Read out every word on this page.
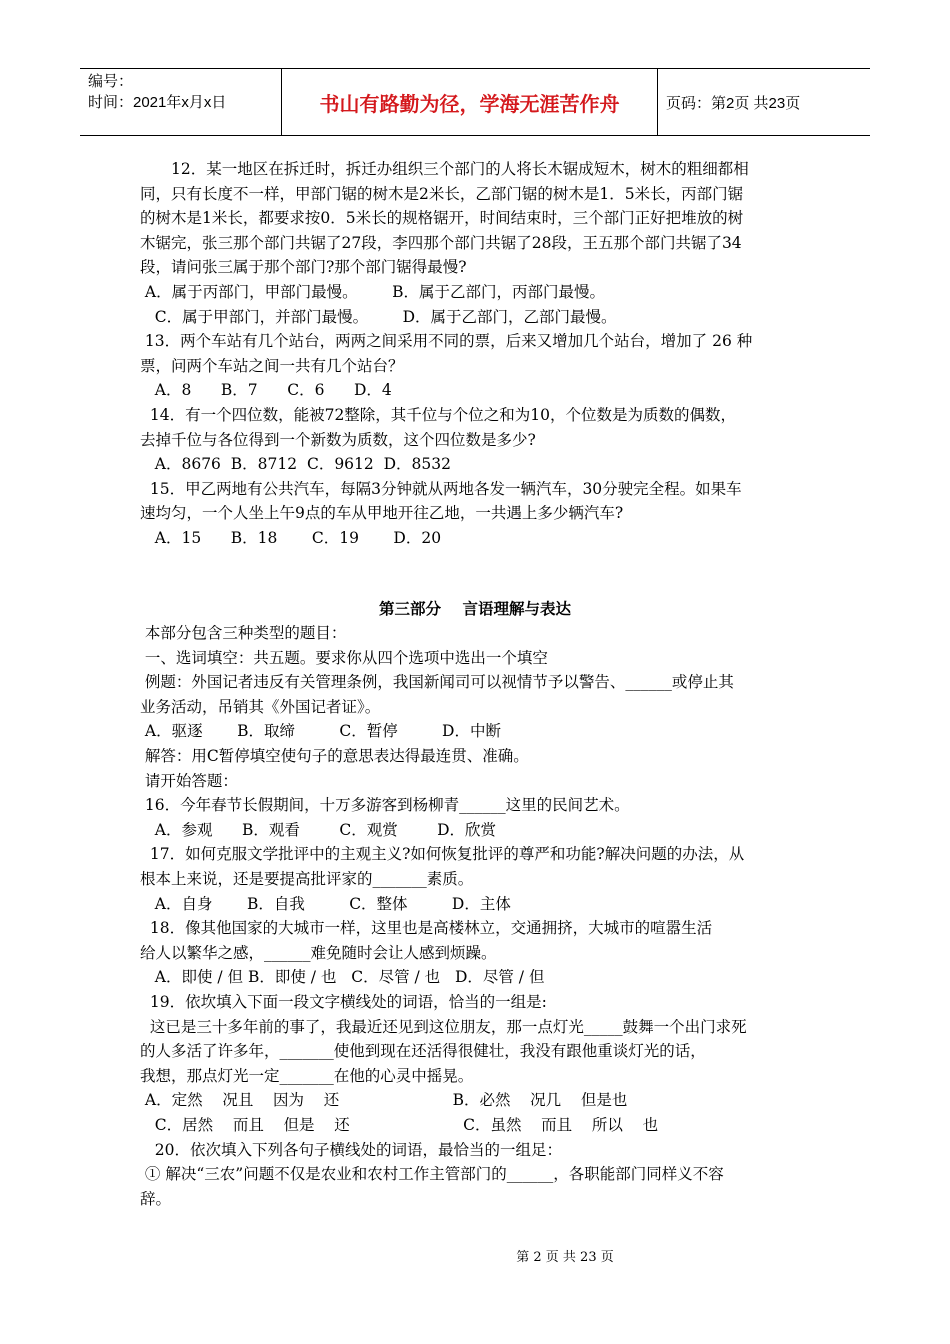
编号：
时间：2021年x月x日	书山有路勤为径，学海无涯苦作舟	页码：第2页 共23页

12．某一地区在拆迁时，拆迁办组织三个部门的人将长木锯成短木，树木的粗细都相

同，只有长度不一样，甲部门锯的树木是2米长，乙部门锯的树木是1．5米长，丙部门锯

的树木是1米长，都要求按0．5米长的规格锯开，时间结束时，三个部门正好把堆放的树

木锯完，张三那个部门共锯了27段，李四那个部门共锯了28段，王五那个部门共锯了34

段，请问张三属于那个部门?那个部门锯得最慢?

A．属于丙部门，甲部门最慢。       B．属于乙部门，丙部门最慢。

C．属于甲部门，并部门最慢。       D．属于乙部门，乙部门最慢。

13．两个车站有几个站台，两两之间采用不同的票，后来又增加几个站台，增加了 26 种

票，问两个车站之间一共有几个站台？

A．8      B．7      C．6      D．4

14．有一个四位数，能被72整除，其千位与个位之和为10，个位数是为质数的偶数，

去掉千位与各位得到一个新数为质数，这个四位数是多少?

A．8676  B．8712  C．9612  D．8532

15．甲乙两地有公共汽车，每隔3分钟就从两地各发一辆汽车，30分驶完全程。如果车

速均匀，一个人坐上午9点的车从甲地开往乙地，一共遇上多少辆汽车?

A．15      B．18       C．19       D．20

第三部分    言语理解与表达

本部分包含三种类型的题目：

一、选词填空：共五题。要求你从四个选项中选出一个填空

例题：外国记者违反有关管理条例，我国新闻司可以视情节予以警告、______或停止其

业务活动，吊销其《外国记者证》。

A．驱逐       B．取缔         C．暂停         D．中断

解答：用C暂停填空使句子的意思表达得最连贯、准确。

请开始答题：

16．今年春节长假期间，十万多游客到杨柳青______这里的民间艺术。

A．参观      B．观看        C．观赏        D．欣赏

17．如何克服文学批评中的主观主义?如何恢复批评的尊严和功能?解决问题的办法，从

根本上来说，还是要提高批评家的_______素质。

A．自身       B．自我         C．整体         D．主体

18．像其他国家的大城市一样，这里也是高楼林立，交通拥挤，大城市的喧嚣生活

给人以繁华之感，______难免随时会让人感到烦躁。

A．即使 / 但 B．即使 / 也   C．尽管 / 也   D．尽管 / 但

19．依坎填入下面一段文字横线处的词语，恰当的一组是:

这已是三十多年前的事了，我最近还见到这位朋友，那一点灯光_____鼓舞一个出门求死

的人多活了许多年，_______使他到现在还活得很健壮，我没有跟他重谈灯光的话，

我想，那点灯光一定_______在他的心灵中摇晃。

A．定然    况且    因为    还                       B．必然    况几    但是也

C．居然    而且    但是    还                       C．虽然    而且    所以    也

20．依次填入下列各句子横线处的词语，最恰当的一组足：

① 解决“三农”问题不仅是农业和农村工作主管部门的______，各职能部门同样义不容

辞。

第 2 页 共 23 页
